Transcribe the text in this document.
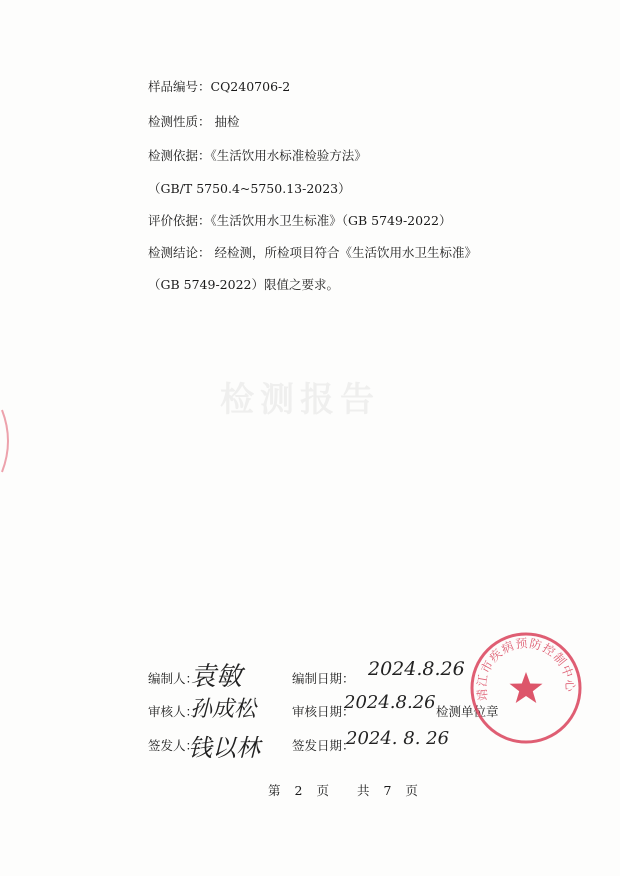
检测报告
样品编号：CQ240706-2
检测性质： 抽检
检测依据：《生活饮用水标准检验方法》
（GB/T 5750.4~5750.13-2023）
评价依据：《生活饮用水卫生标准》（GB 5749-2022）
检测结论： 经检测，所检项目符合《生活饮用水卫生标准》
（GB 5749-2022）限值之要求。
编制人：
袁敏	编制日期： 2024.8.26
审核人：
孙成松	审核日期：
2024.8.26 检测单位章
签发人：
钱以林	签发日期：
2024. 8. 26
靖江市疾病预防控制中心
第 2 页 共 7 页
